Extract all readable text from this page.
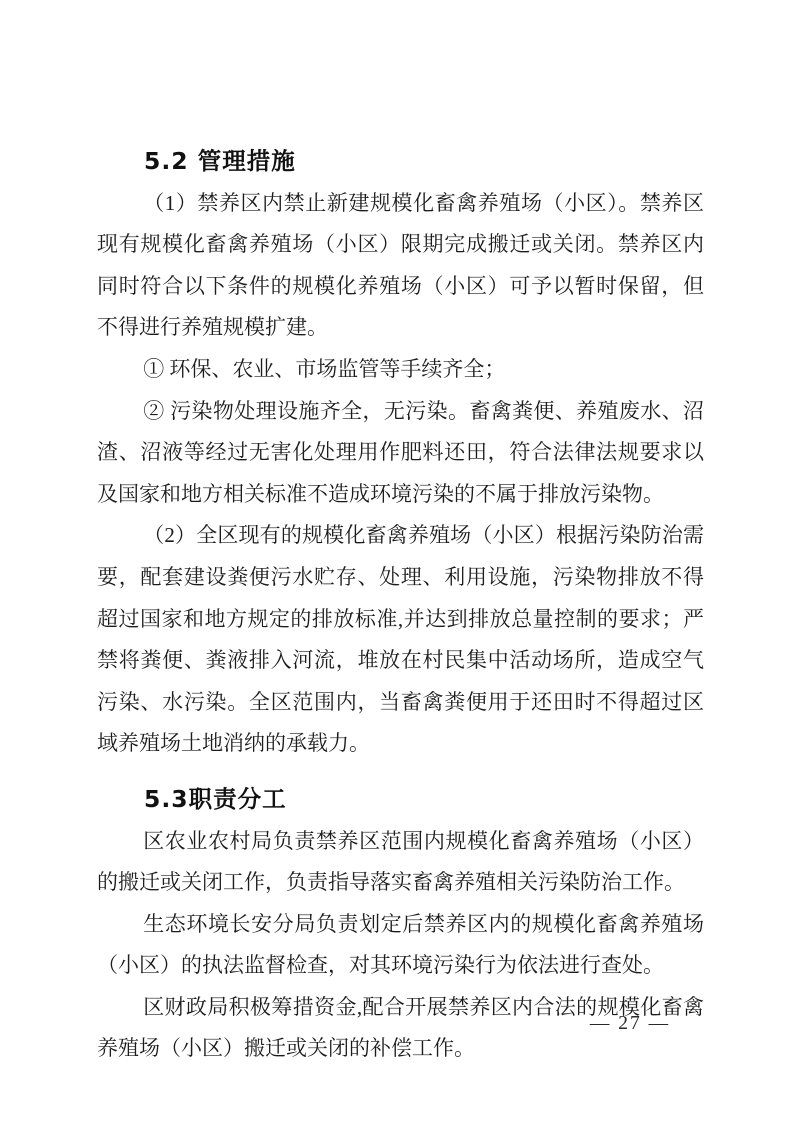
5.2 管理措施

（1）禁养区内禁止新建规模化畜禽养殖场（小区）。禁养区现有规模化畜禽养殖场（小区）限期完成搬迁或关闭。禁养区内同时符合以下条件的规模化养殖场（小区）可予以暂时保留，但不得进行养殖规模扩建。

① 环保、农业、市场监管等手续齐全；

② 污染物处理设施齐全，无污染。畜禽粪便、养殖废水、沼渣、沼液等经过无害化处理用作肥料还田，符合法律法规要求以及国家和地方相关标准不造成环境污染的不属于排放污染物。

（2）全区现有的规模化畜禽养殖场（小区）根据污染防治需要，配套建设粪便污水贮存、处理、利用设施，污染物排放不得超过国家和地方规定的排放标准,并达到排放总量控制的要求；严禁将粪便、粪液排入河流，堆放在村民集中活动场所，造成空气污染、水污染。全区范围内，当畜禽粪便用于还田时不得超过区域养殖场土地消纳的承载力。

5.3职责分工

区农业农村局负责禁养区范围内规模化畜禽养殖场（小区）的搬迁或关闭工作，负责指导落实畜禽养殖相关污染防治工作。

生态环境长安分局负责划定后禁养区内的规模化畜禽养殖场（小区）的执法监督检查，对其环境污染行为依法进行查处。

区财政局积极筹措资金,配合开展禁养区内合法的规模化畜禽养殖场（小区）搬迁或关闭的补偿工作。

— 27 —
